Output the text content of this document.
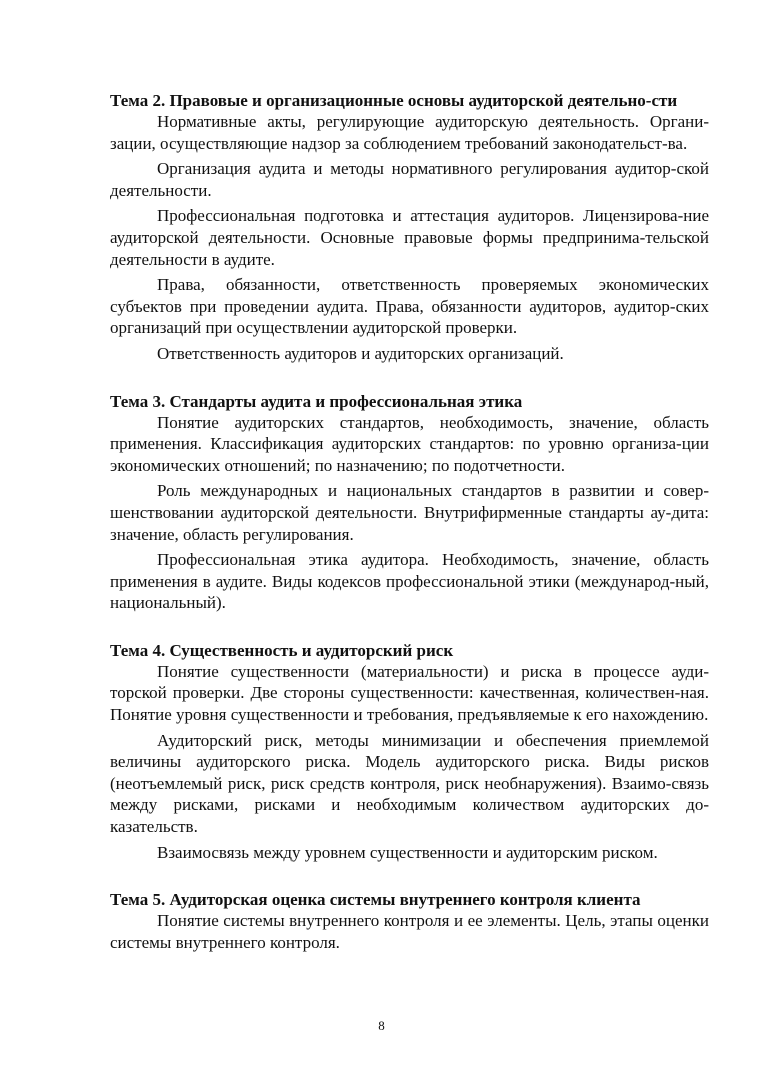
Тема 2. Правовые и организационные основы аудиторской деятельно-сти

Нормативные акты, регулирующие аудиторскую деятельность. Органи-зации, осуществляющие надзор за соблюдением требований законодательст-ва.

Организация аудита и методы нормативного регулирования аудитор-ской деятельности.

Профессиональная подготовка и аттестация аудиторов. Лицензирова-ние аудиторской деятельности. Основные правовые формы предпринима-тельской деятельности в аудите.

Права, обязанности, ответственность проверяемых экономических субъектов при проведении аудита. Права, обязанности аудиторов, аудитор-ских организаций при осуществлении аудиторской проверки.

Ответственность аудиторов и аудиторских организаций.

Тема 3. Стандарты аудита и профессиональная этика

Понятие аудиторских стандартов, необходимость, значение, область применения. Классификация аудиторских стандартов: по уровню организа-ции экономических отношений; по назначению; по подотчетности.

Роль международных и национальных стандартов в развитии и совер-шенствовании аудиторской деятельности. Внутрифирменные стандарты ау-дита: значение, область регулирования.

Профессиональная этика аудитора. Необходимость, значение, область применения в аудите. Виды кодексов профессиональной этики (международ-ный, национальный).

Тема 4. Существенность и аудиторский риск

Понятие существенности (материальности) и риска в процессе ауди-торской проверки. Две стороны существенности: качественная, количествен-ная. Понятие уровня существенности и требования, предъявляемые к его нахождению.

Аудиторский риск, методы минимизации и обеспечения приемлемой величины аудиторского риска. Модель аудиторского риска. Виды рисков (неотъемлемый риск, риск средств контроля, риск необнаружения). Взаимо-связь между рисками, рисками и необходимым количеством аудиторских до-казательств.

Взаимосвязь между уровнем существенности и аудиторским риском.

Тема 5. Аудиторская оценка системы внутреннего контроля клиента

Понятие системы внутреннего контроля и ее элементы. Цель, этапы оценки системы внутреннего контроля.

8
